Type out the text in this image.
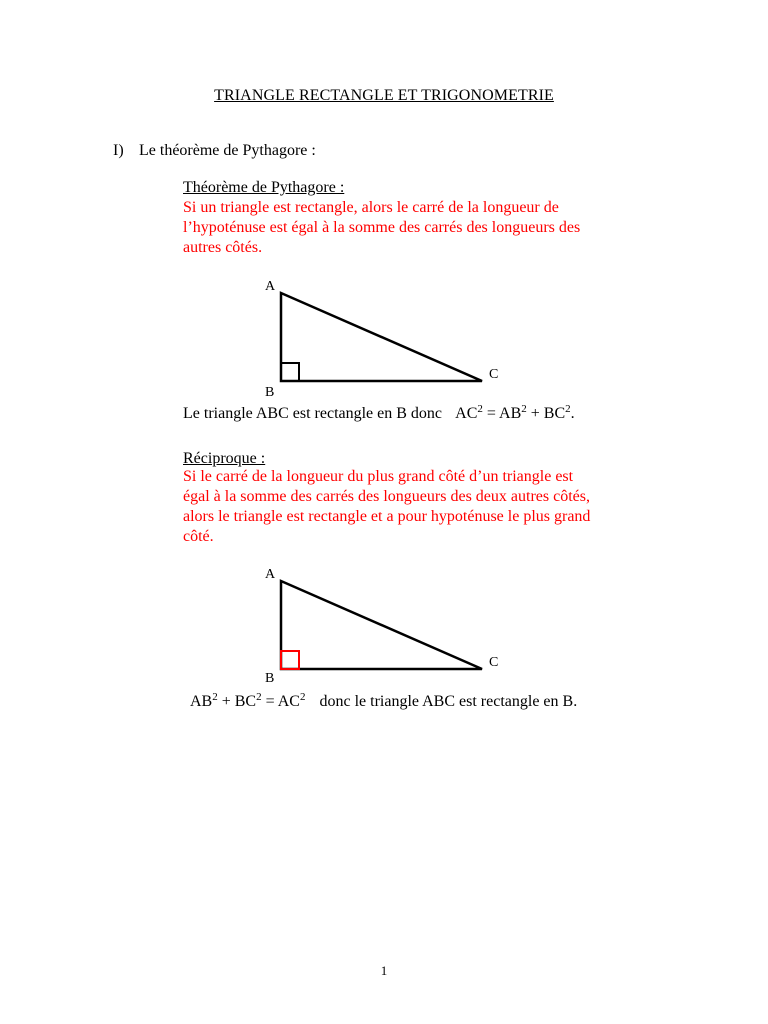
TRIANGLE RECTANGLE ET TRIGONOMETRIE
I) Le théorème de Pythagore :
Théorème de Pythagore :
Si un triangle est rectangle, alors le carré de la longueur de
l’hypoténuse est égal à la somme des carrés des longueurs des
autres côtés.
A
B
C
Le triangle ABC est rectangle en B donc $AC^2 = AB^2 + BC^2$.
Réciproque :
Si le carré de la longueur du plus grand côté d’un triangle est
égal à la somme des carrés des longueurs des deux autres côtés,
alors le triangle est rectangle et a pour hypoténuse le plus grand
côté.
A
B
C
$AB^2 + BC^2 = AC^2$ donc le triangle ABC est rectangle en B.
1
